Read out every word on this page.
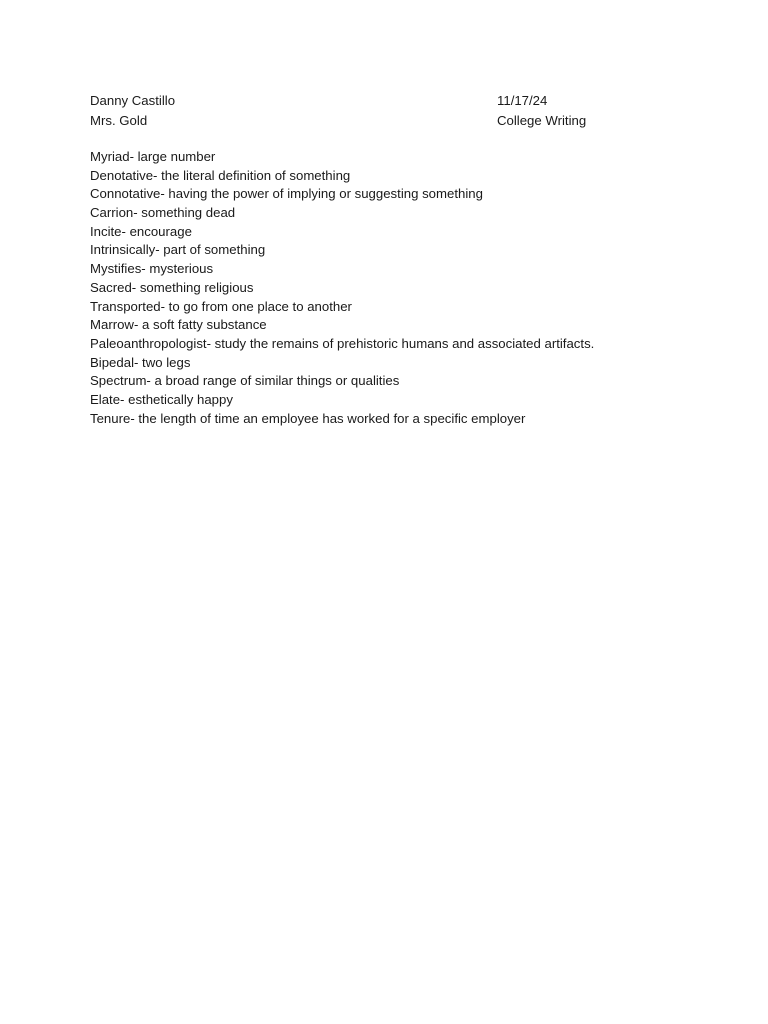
Danny Castillo	11/17/24
Mrs. Gold	College Writing
Myriad- large number
Denotative- the literal definition of something
Connotative- having the power of implying or suggesting something
Carrion- something dead
Incite- encourage
Intrinsically- part of something
Mystifies- mysterious
Sacred- something religious
Transported- to go from one place to another
Marrow- a soft fatty substance
Paleoanthropologist- study the remains of prehistoric humans and associated artifacts.
Bipedal- two legs
Spectrum- a broad range of similar things or qualities
Elate- esthetically happy
Tenure- the length of time an employee has worked for a specific employer
